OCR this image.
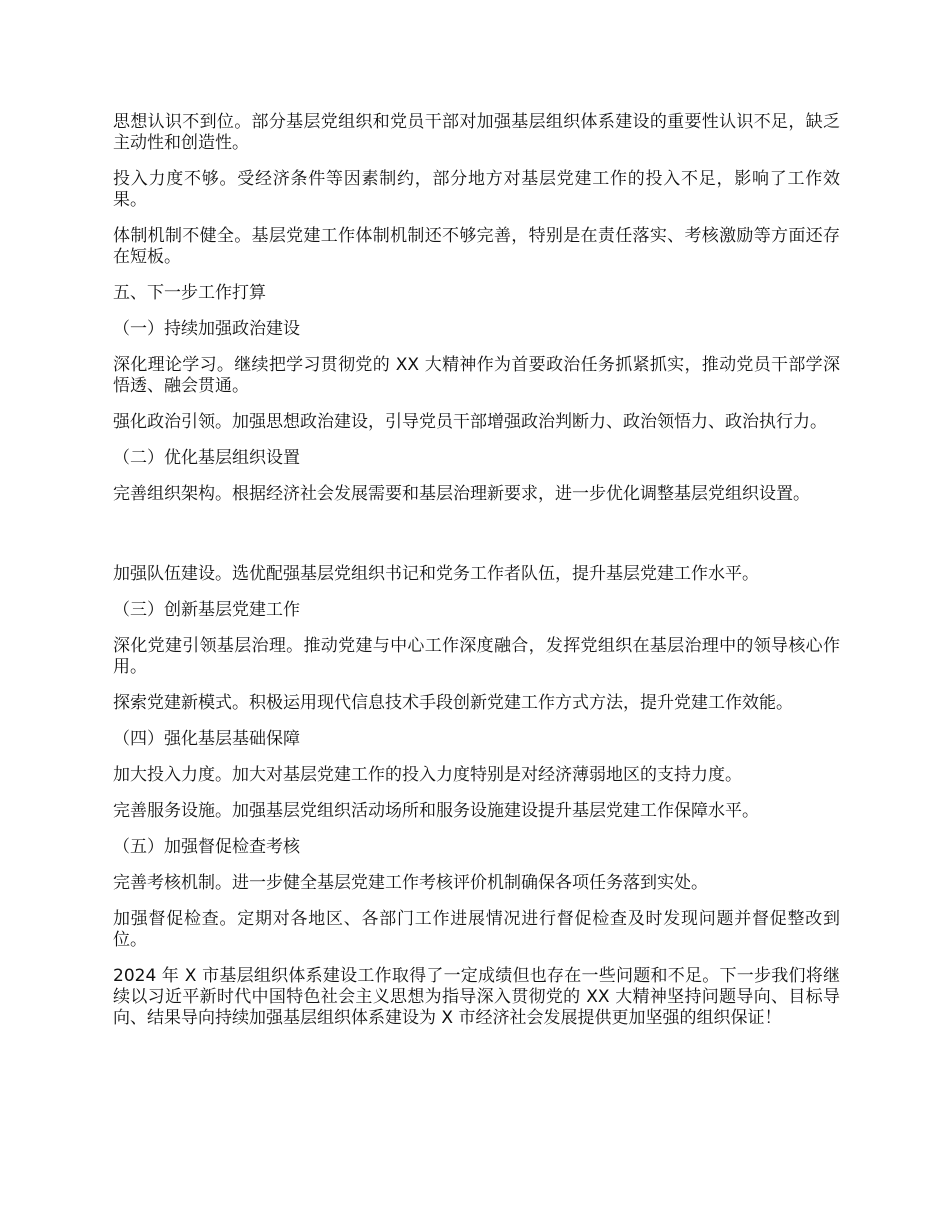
思想认识不到位。部分基层党组织和党员干部对加强基层组织体系建设的重要性认识不足，缺乏主动性和创造性。

投入力度不够。受经济条件等因素制约，部分地方对基层党建工作的投入不足，影响了工作效果。

体制机制不健全。基层党建工作体制机制还不够完善，特别是在责任落实、考核激励等方面还存在短板。

五、下一步工作打算

（一）持续加强政治建设

深化理论学习。继续把学习贯彻党的 XX 大精神作为首要政治任务抓紧抓实，推动党员干部学深悟透、融会贯通。

强化政治引领。加强思想政治建设，引导党员干部增强政治判断力、政治领悟力、政治执行力。

（二）优化基层组织设置

完善组织架构。根据经济社会发展需要和基层治理新要求，进一步优化调整基层党组织设置。

加强队伍建设。选优配强基层党组织书记和党务工作者队伍，提升基层党建工作水平。

（三）创新基层党建工作

深化党建引领基层治理。推动党建与中心工作深度融合，发挥党组织在基层治理中的领导核心作用。

探索党建新模式。积极运用现代信息技术手段创新党建工作方式方法，提升党建工作效能。

（四）强化基层基础保障

加大投入力度。加大对基层党建工作的投入力度特别是对经济薄弱地区的支持力度。

完善服务设施。加强基层党组织活动场所和服务设施建设提升基层党建工作保障水平。

（五）加强督促检查考核

完善考核机制。进一步健全基层党建工作考核评价机制确保各项任务落到实处。

加强督促检查。定期对各地区、各部门工作进展情况进行督促检查及时发现问题并督促整改到位。

2024 年 X 市基层组织体系建设工作取得了一定成绩但也存在一些问题和不足。下一步我们将继续以习近平新时代中国特色社会主义思想为指导深入贯彻党的 XX 大精神坚持问题导向、目标导向、结果导向持续加强基层组织体系建设为 X 市经济社会发展提供更加坚强的组织保证！
